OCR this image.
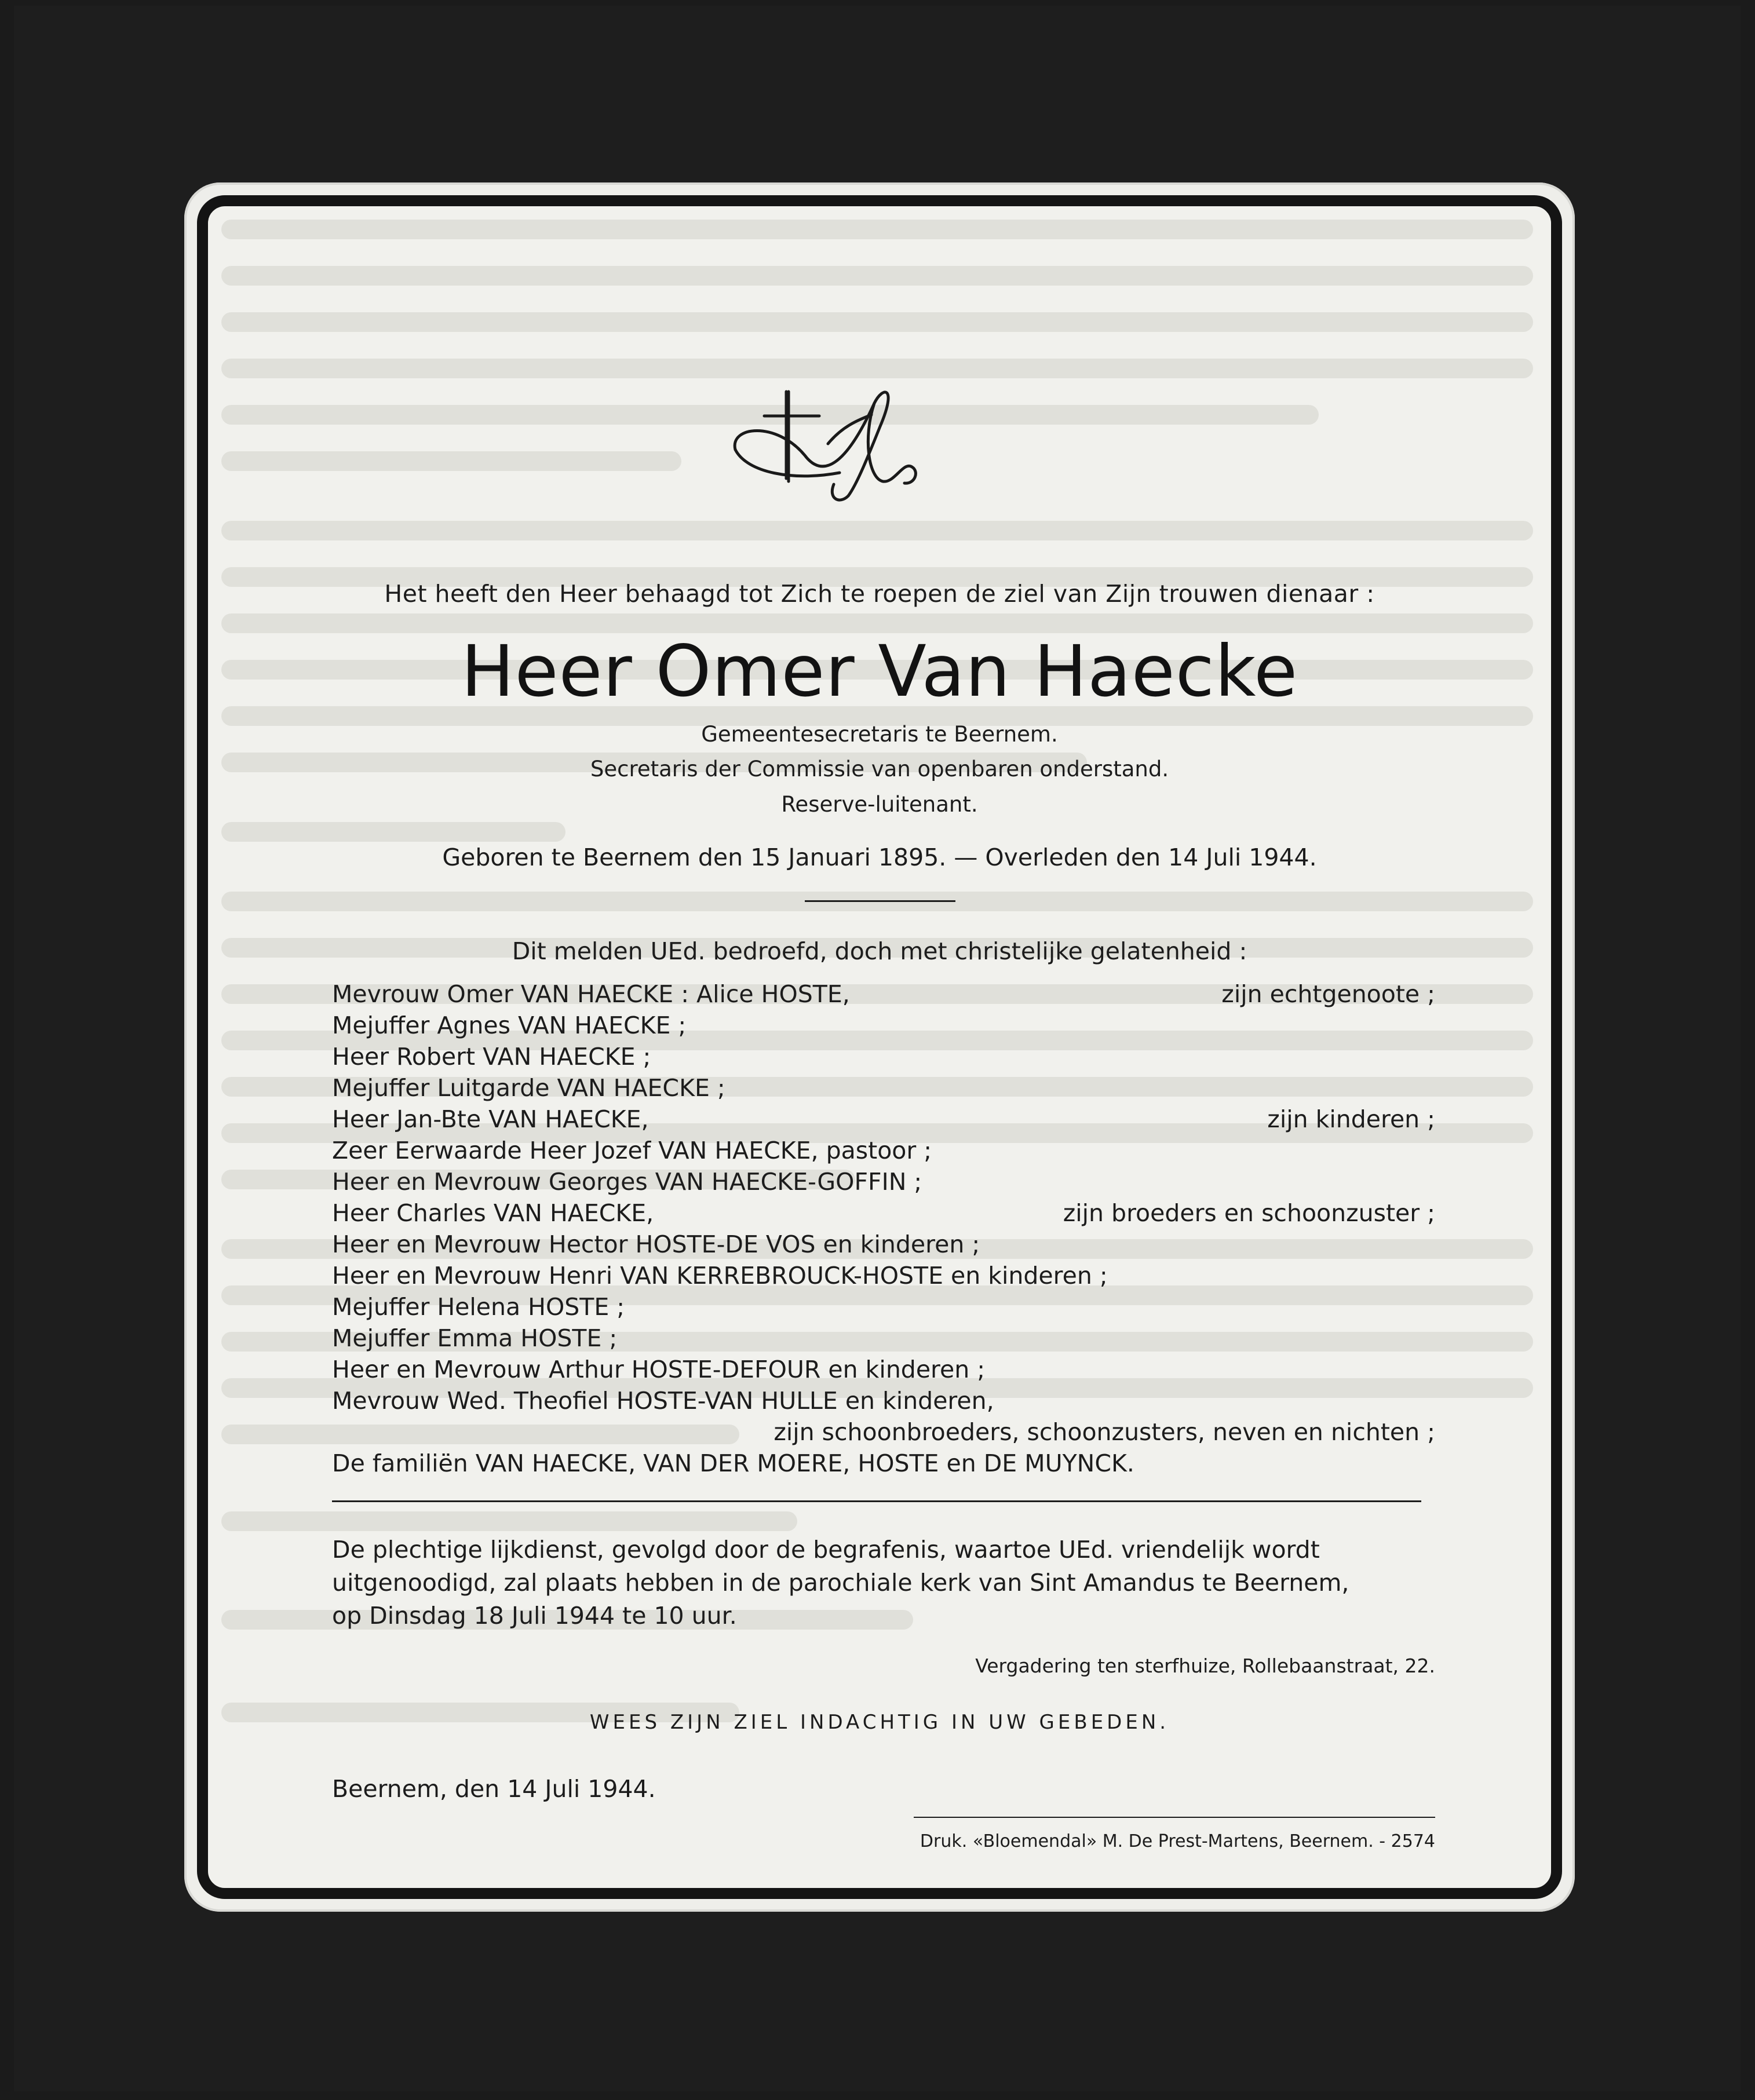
Het heeft den Heer behaagd tot Zich te roepen de ziel van Zijn trouwen dienaar :
Heer Omer Van Haecke
Gemeentesecretaris te Beernem.
Secretaris der Commissie van openbaren onderstand.
Reserve-luitenant.
Geboren te Beernem den 15 Januari 1895. — Overleden den 14 Juli 1944.
Dit melden UEd. bedroefd, doch met christelijke gelatenheid :
Mevrouw Omer VAN HAECKE : Alice HOSTE,	zijn echtgenoote ;
Mejuffer Agnes VAN HAECKE ;
Heer Robert VAN HAECKE ;
Mejuffer Luitgarde VAN HAECKE ;
Heer Jan-Bte VAN HAECKE,	zijn kinderen ;
Zeer Eerwaarde Heer Jozef VAN HAECKE, pastoor ;
Heer en Mevrouw Georges VAN HAECKE-GOFFIN ;
Heer Charles VAN HAECKE,	zijn broeders en schoonzuster ;
Heer en Mevrouw Hector HOSTE-DE VOS en kinderen ;
Heer en Mevrouw Henri VAN KERREBROUCK-HOSTE en kinderen ;
Mejuffer Helena HOSTE ;
Mejuffer Emma HOSTE ;
Heer en Mevrouw Arthur HOSTE-DEFOUR en kinderen ;
Mevrouw Wed. Theofiel HOSTE-VAN HULLE en kinderen,
zijn schoonbroeders, schoonzusters, neven en nichten ;
De familiën VAN HAECKE, VAN DER MOERE, HOSTE en DE MUYNCK.
De plechtige lijkdienst, gevolgd door de begrafenis, waartoe UEd. vriendelijk wordt
uitgenoodigd, zal plaats hebben in de parochiale kerk van Sint Amandus te Beernem,
op Dinsdag 18 Juli 1944 te 10 uur.
Vergadering ten sterfhuize, Rollebaanstraat, 22.
WEES ZIJN ZIEL INDACHTIG IN UW GEBEDEN.
Beernem, den 14 Juli 1944.
Druk. «Bloemendal» M. De Prest-Martens, Beernem. - 2574
